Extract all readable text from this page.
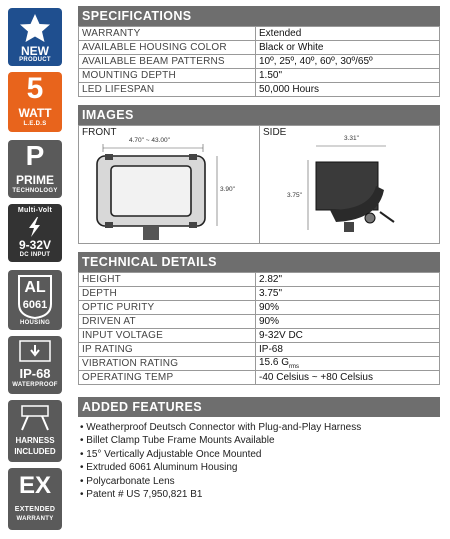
NEW
PRODUCT
5
WATT
L.E.D.S
P
PRIME
TECHNOLOGY
Multi-Volt
9-32V
DC INPUT
AL
6061
HOUSING
IP-68
WATERPROOF
HARNESS
INCLUDED
EX
EXTENDED
WARRANTY
SPECIFICATIONS
WARRANTY	Extended
AVAILABLE HOUSING COLOR	Black or White
AVAILABLE BEAM PATTERNS	10º, 25º, 40º, 60º, 30º/65º
MOUNTING DEPTH	1.50"
LED LIFESPAN	50,000 Hours
IMAGES
FRONT
4.70" ~ 43.00"
3.90"
SIDE
3.31"
3.75"
TECHNICAL DETAILS
HEIGHT	2.82"
DEPTH	3.75"
OPTIC PURITY	90%
DRIVEN AT	90%
INPUT VOLTAGE	9-32V DC
IP RATING	IP-68
VIBRATION RATING	15.6 $G_{rms}$
OPERATING TEMP	-40 Celsius ~ +80 Celsius
ADDED FEATURES
• Weatherproof Deutsch Connector with Plug-and-Play Harness
• Billet Clamp Tube Frame Mounts Available
• 15° Vertically Adjustable Once Mounted
• Extruded 6061 Aluminum Housing
• Polycarbonate Lens
• Patent # US 7,950,821 B1
